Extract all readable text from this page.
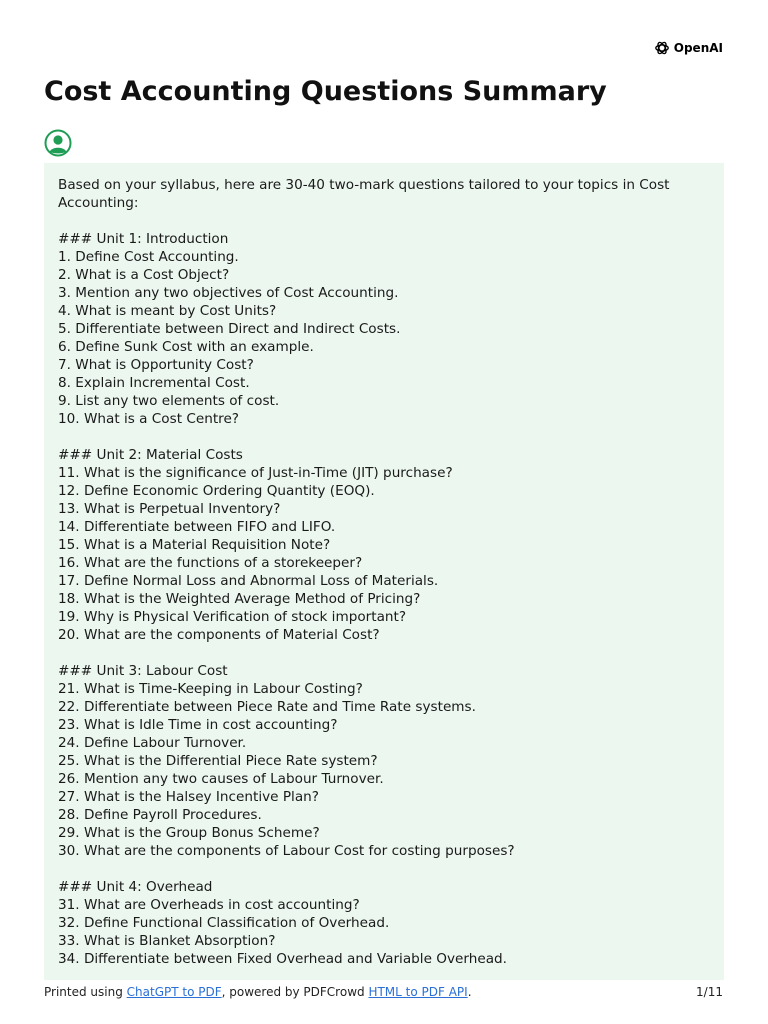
OpenAI
Cost Accounting Questions Summary
Based on your syllabus, here are 30-40 two-mark questions tailored to your topics in Cost
Accounting:
### Unit 1: Introduction
1. Define Cost Accounting.
2. What is a Cost Object?
3. Mention any two objectives of Cost Accounting.
4. What is meant by Cost Units?
5. Differentiate between Direct and Indirect Costs.
6. Define Sunk Cost with an example.
7. What is Opportunity Cost?
8. Explain Incremental Cost.
9. List any two elements of cost.
10. What is a Cost Centre?
### Unit 2: Material Costs
11. What is the significance of Just-in-Time (JIT) purchase?
12. Define Economic Ordering Quantity (EOQ).
13. What is Perpetual Inventory?
14. Differentiate between FIFO and LIFO.
15. What is a Material Requisition Note?
16. What are the functions of a storekeeper?
17. Define Normal Loss and Abnormal Loss of Materials.
18. What is the Weighted Average Method of Pricing?
19. Why is Physical Verification of stock important?
20. What are the components of Material Cost?
### Unit 3: Labour Cost
21. What is Time-Keeping in Labour Costing?
22. Differentiate between Piece Rate and Time Rate systems.
23. What is Idle Time in cost accounting?
24. Define Labour Turnover.
25. What is the Differential Piece Rate system?
26. Mention any two causes of Labour Turnover.
27. What is the Halsey Incentive Plan?
28. Define Payroll Procedures.
29. What is the Group Bonus Scheme?
30. What are the components of Labour Cost for costing purposes?
### Unit 4: Overhead
31. What are Overheads in cost accounting?
32. Define Functional Classification of Overhead.
33. What is Blanket Absorption?
34. Differentiate between Fixed Overhead and Variable Overhead.
Printed using ChatGPT to PDF, powered by PDFCrowd HTML to PDF API.	1/11
